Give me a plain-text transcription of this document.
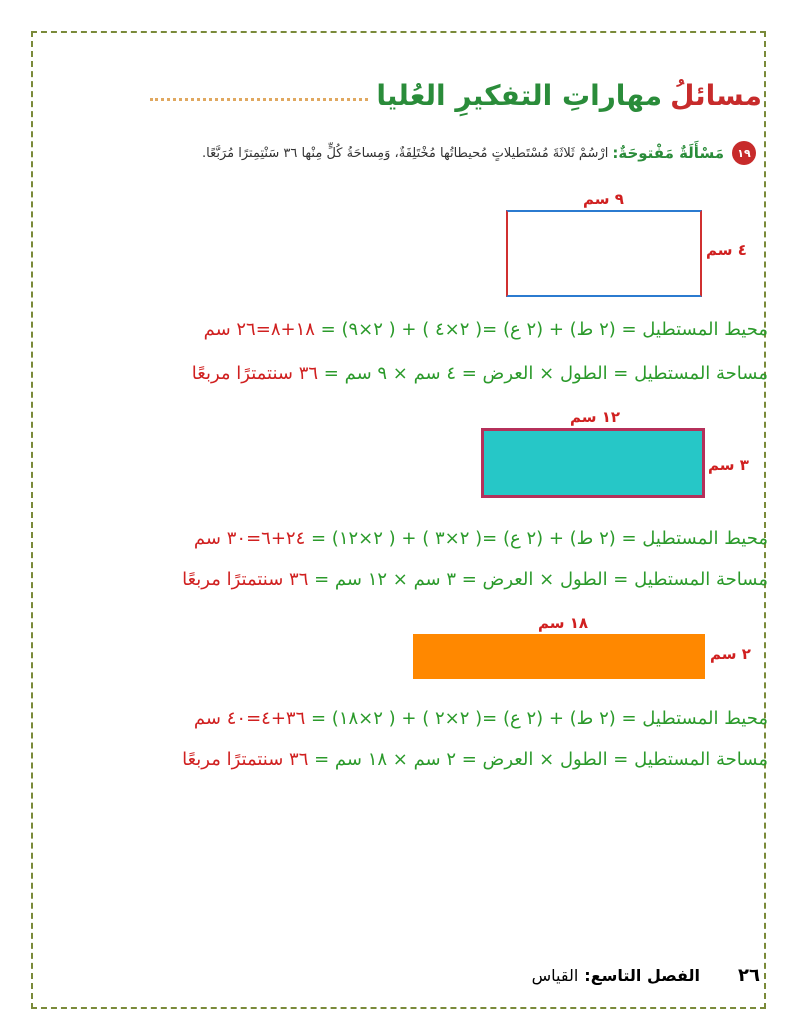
مسائلُ
مهاراتِ التفكيرِ العُليا
١٩
مَسْأَلَةٌ مَفْتوحَةٌ:
ارْسُمْ ثَلاثَةَ مُسْتَطيلاتٍ مُحيطاتُها مُخْتَلِفَةٌ، وَمِساحَةُ كُلٍّ مِنْها ٣٦ سَنْتِمِترًا مُرَبَّعًا.
٩ سم
٤ سم
محيط المستطيل = (٢ ط) + (٢ ع) =( ٢×٤ ) + ( ٢×٩) = ١٨+٨=٢٦ سم
مساحة المستطيل = الطول × العرض = ٤ سم × ٩ سم = ٣٦ سنتمترًا مربعًا
١٢ سم
٣ سم
محيط المستطيل = (٢ ط) + (٢ ع) =( ٢×٣ ) + ( ٢×١٢) = ٢٤+٦=٣٠ سم
مساحة المستطيل = الطول × العرض = ٣ سم × ١٢ سم = ٣٦ سنتمترًا مربعًا
١٨ سم
٢ سم
محيط المستطيل = (٢ ط) + (٢ ع) =( ٢×٢ ) + ( ٢×١٨) = ٣٦+٤=٤٠ سم
مساحة المستطيل = الطول × العرض = ٢ سم × ١٨ سم = ٣٦ سنتمترًا مربعًا
٢٦
الفصل التاسع:
القياس
